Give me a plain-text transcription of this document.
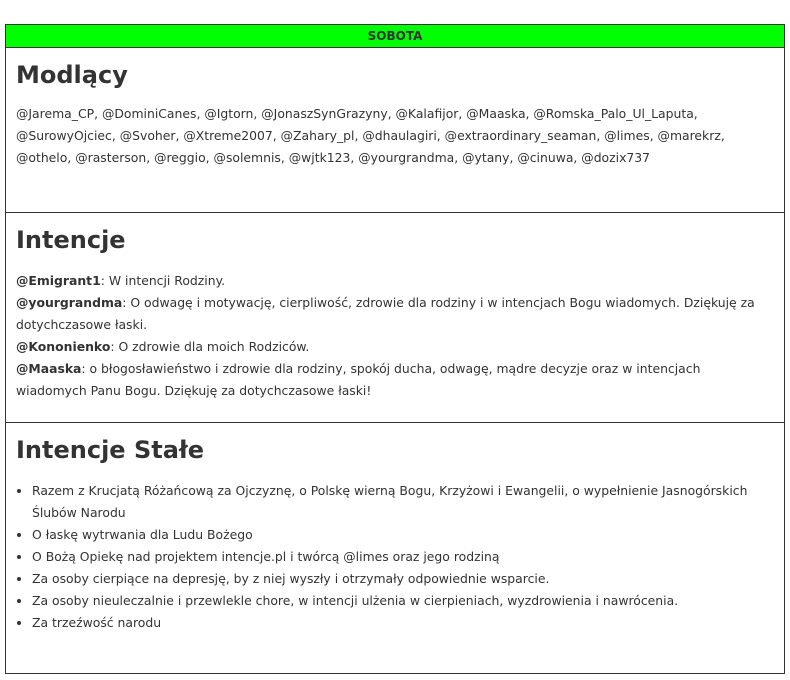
SOBOTA
Modlący
@Jarema_CP, @DominiCanes, @Igtorn, @JonaszSynGrazyny, @Kalafijor, @Maaska, @Romska_Palo_Ul_Laputa, @SurowyOjciec, @Svoher, @Xtreme2007, @Zahary_pl, @dhaulagiri, @extraordinary_seaman, @limes, @marekrz, @othelo, @rasterson, @reggio, @solemnis, @wjtk123, @yourgrandma, @ytany, @cinuwa, @dozix737
Intencje
@Emigrant1: W intencji Rodziny.
@yourgrandma: O odwagę i motywację, cierpliwość, zdrowie dla rodziny i w intencjach Bogu wiadomych. Dziękuję za dotychczasowe łaski.
@Kononienko: O zdrowie dla moich Rodziców.
@Maaska: o błogosławieństwo i zdrowie dla rodziny, spokój ducha, odwagę, mądre decyzje oraz w intencjach wiadomych Panu Bogu. Dziękuję za dotychczasowe łaski!
Intencje Stałe
• Razem z Krucjatą Różańcową za Ojczyznę, o Polskę wierną Bogu, Krzyżowi i Ewangelii, o wypełnienie Jasnogórskich Ślubów Narodu
• O łaskę wytrwania dla Ludu Bożego
• O Bożą Opiekę nad projektem intencje.pl i twórcą @limes oraz jego rodziną
• Za osoby cierpiące na depresję, by z niej wyszły i otrzymały odpowiednie wsparcie.
• Za osoby nieuleczalnie i przewlekle chore, w intencji ulżenia w cierpieniach, wyzdrowienia i nawrócenia.
• Za trzeźwość narodu
